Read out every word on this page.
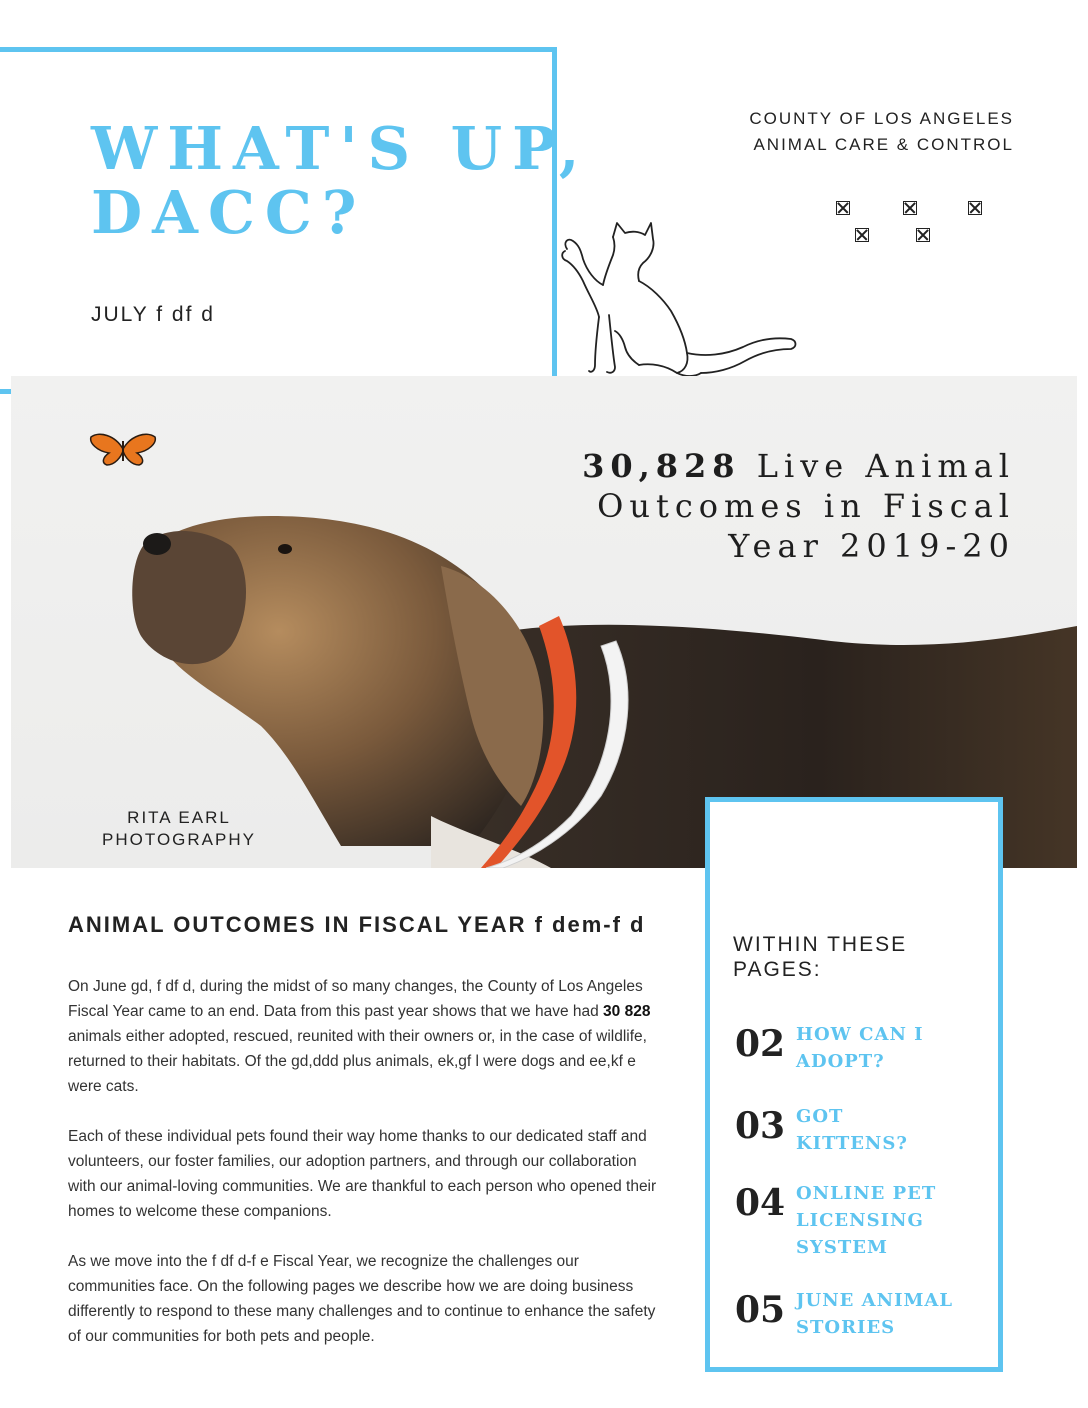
WHAT'S UP,
DACC?
JULY f df d
COUNTY OF LOS ANGELES
ANIMAL CARE & CONTROL
30,828 Live Animal Outcomes in Fiscal Year 2019-20
RITA EARL
PHOTOGRAPHY
ANIMAL OUTCOMES IN FISCAL YEAR f dem-f d

On June gd, f df d, during the midst of so many changes, the County of Los Angeles Fiscal Year came to an end. Data from this past year shows that we have had 30 828 animals either adopted, rescued, reunited with their owners or, in the case of wildlife, returned to their habitats. Of the gd,ddd plus animals, ek,gf l were dogs and ee,kf e were cats.

Each of these individual pets found their way home thanks to our dedicated staff and volunteers, our foster families, our adoption partners, and through our collaboration with our animal-loving communities. We are thankful to each person who opened their homes to welcome these companions.

As we move into the f df d-f e Fiscal Year, we recognize the challenges our communities face. On the following pages we describe how we are doing business differently to respond to these many challenges and to continue to enhance the safety of our communities for both pets and people.

WITHIN THESE
PAGES:
02 HOW CAN I ADOPT?
03 GOT KITTENS?
04 ONLINE PET LICENSING SYSTEM
05 JUNE ANIMAL STORIES
